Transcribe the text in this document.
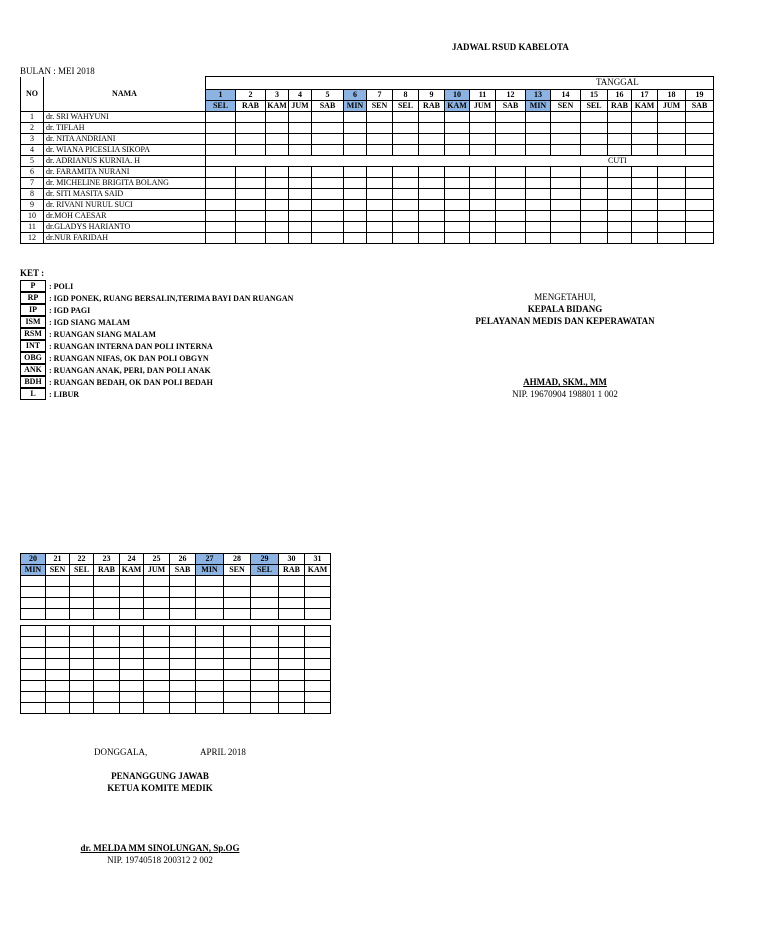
JADWAL RSUD KABELOTA
BULAN : MEI 2018
TANGGAL
NO	NAMA																			
		1	2	3	4	5	6	7	8	9	10	11	12	13	14	15	16	17	18	19
		SEL	RAB	KAM	JUM	SAB	MIN	SEN	SEL	RAB	KAM	JUM	SAB	MIN	SEN	SEL	RAB	KAM	JUM	SAB
1	dr. SRI WAHYUNI																			
2	dr. TIFLAH																			
3	dr. NITA ANDRIANI																			
4	dr. WIANA PICESLIA SIKOPA																			
5	dr. ADRIANUS KURNIA. H	CUTI																		
6	dr. FARAMITA NURANI																			
7	dr. MICHELINE BRIGITA BOLANG																			
8	dr. SITI MASITA SAID																			
9	dr. RIVANI NURUL SUCI																			
10	dr.MOH CAESAR																			
11	dr.GLADYS HARIANTO																			
12	dr.NUR FARIDAH																			
KET :
P	: POLI
RP	: IGD PONEK, RUANG BERSALIN,TERIMA BAYI DAN RUANGAN
IP	: IGD PAGI
ISM	: IGD SIANG MALAM
RSM : RUANGAN SIANG MALAM
INT	: RUANGAN INTERNA DAN POLI INTERNA
OBG : RUANGAN NIFAS, OK DAN POLI OBGYN
ANK : RUANGAN ANAK, PERI, DAN POLI ANAK
BDH : RUANGAN BEDAH, OK DAN POLI BEDAH
L	: LIBUR
MENGETAHUI,
KEPALA BIDANG
PELAYANAN MEDIS DAN KEPERAWATAN
AHMAD, SKM., MM
NIP. 19670904 198801 1 002
20	21	22	23	24	25	26	27	28	29	30	31
MIN	SEN	SEL	RAB	KAM	JUM	SAB	MIN	SEN	SEL	RAB	KAM

DONGGALA,	APRIL 2018
PENANGGUNG JAWAB
KETUA KOMITE MEDIK
dr. MELDA MM SINOLUNGAN, Sp.OG
NIP. 19740518 200312 2 002
